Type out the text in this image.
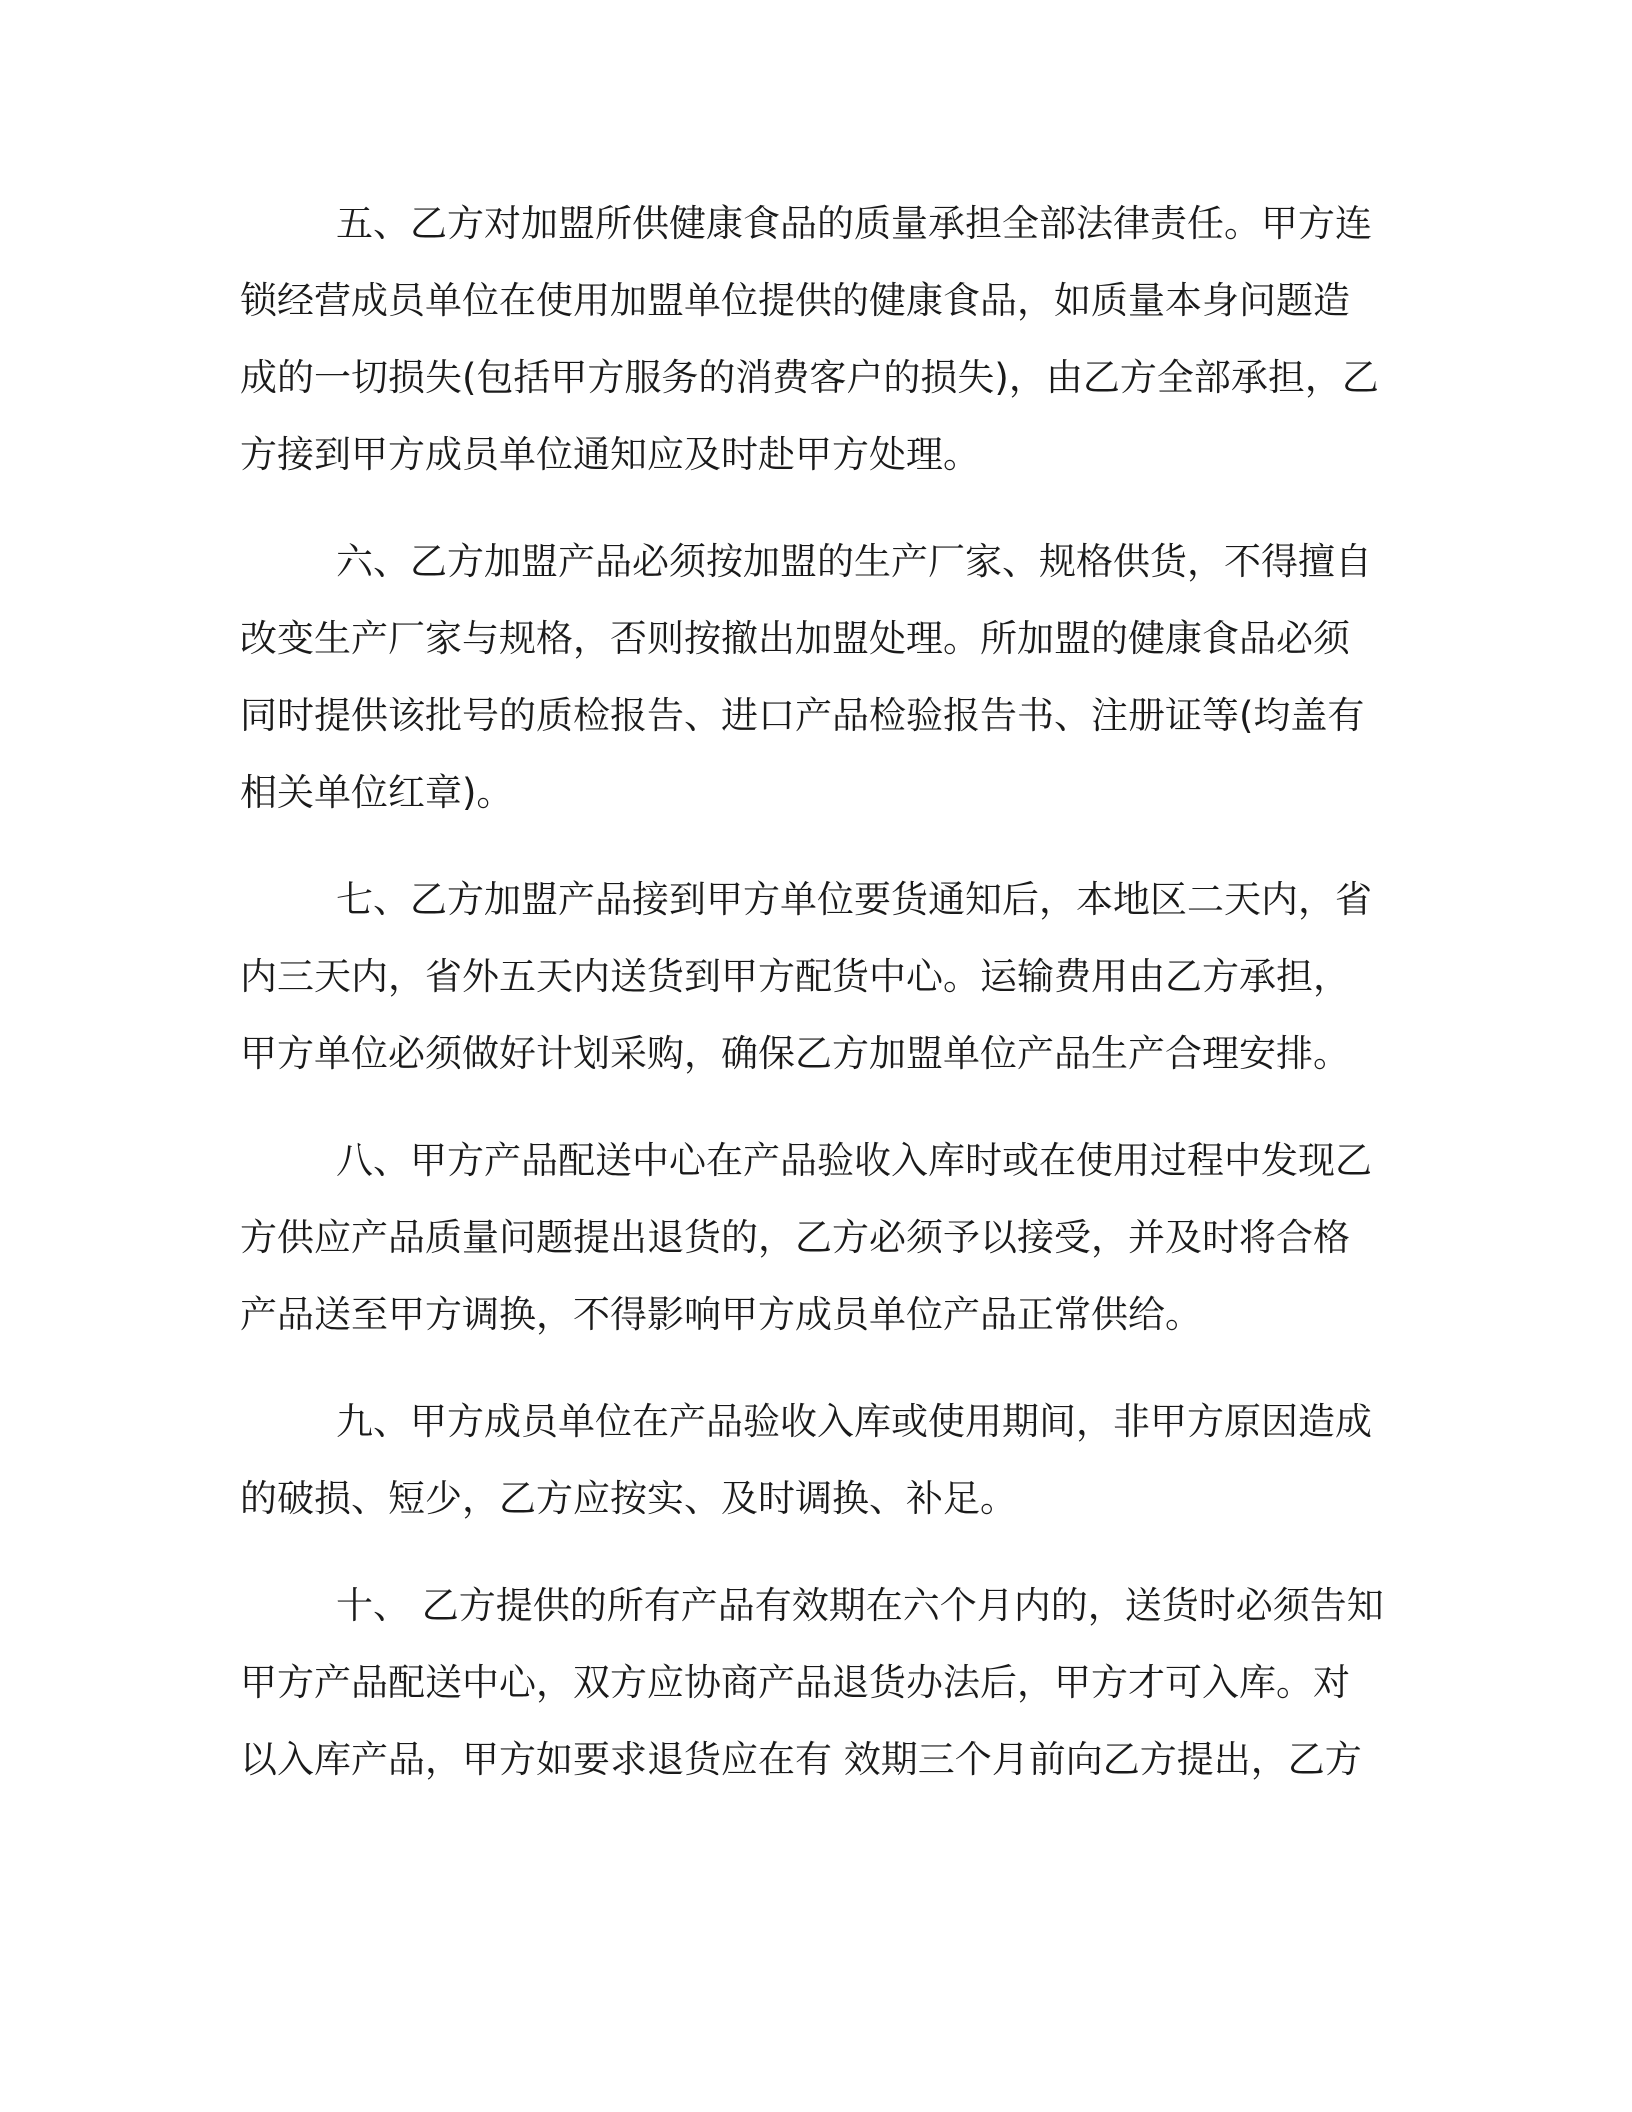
五、乙方对加盟所供健康食品的质量承担全部法律责任。甲方连
锁经营成员单位在使用加盟单位提供的健康食品，如质量本身问题造
成的一切损失(包括甲方服务的消费客户的损失)，由乙方全部承担，乙
方接到甲方成员单位通知应及时赴甲方处理。

六、乙方加盟产品必须按加盟的生产厂家、规格供货，不得擅自
改变生产厂家与规格，否则按撤出加盟处理。所加盟的健康食品必须
同时提供该批号的质检报告、进口产品检验报告书、注册证等(均盖有
相关单位红章)。

七、乙方加盟产品接到甲方单位要货通知后，本地区二天内，省
内三天内，省外五天内送货到甲方配货中心。运输费用由乙方承担，
甲方单位必须做好计划采购，确保乙方加盟单位产品生产合理安排。

八、甲方产品配送中心在产品验收入库时或在使用过程中发现乙
方供应产品质量问题提出退货的，乙方必须予以接受，并及时将合格
产品送至甲方调换，不得影响甲方成员单位产品正常供给。

九、甲方成员单位在产品验收入库或使用期间，非甲方原因造成
的破损、短少，乙方应按实、及时调换、补足。

十、 乙方提供的所有产品有效期在六个月内的，送货时必须告知
甲方产品配送中心，双方应协商产品退货办法后，甲方才可入库。对
以入库产品，甲方如要求退货应在有 效期三个月前向乙方提出，乙方
